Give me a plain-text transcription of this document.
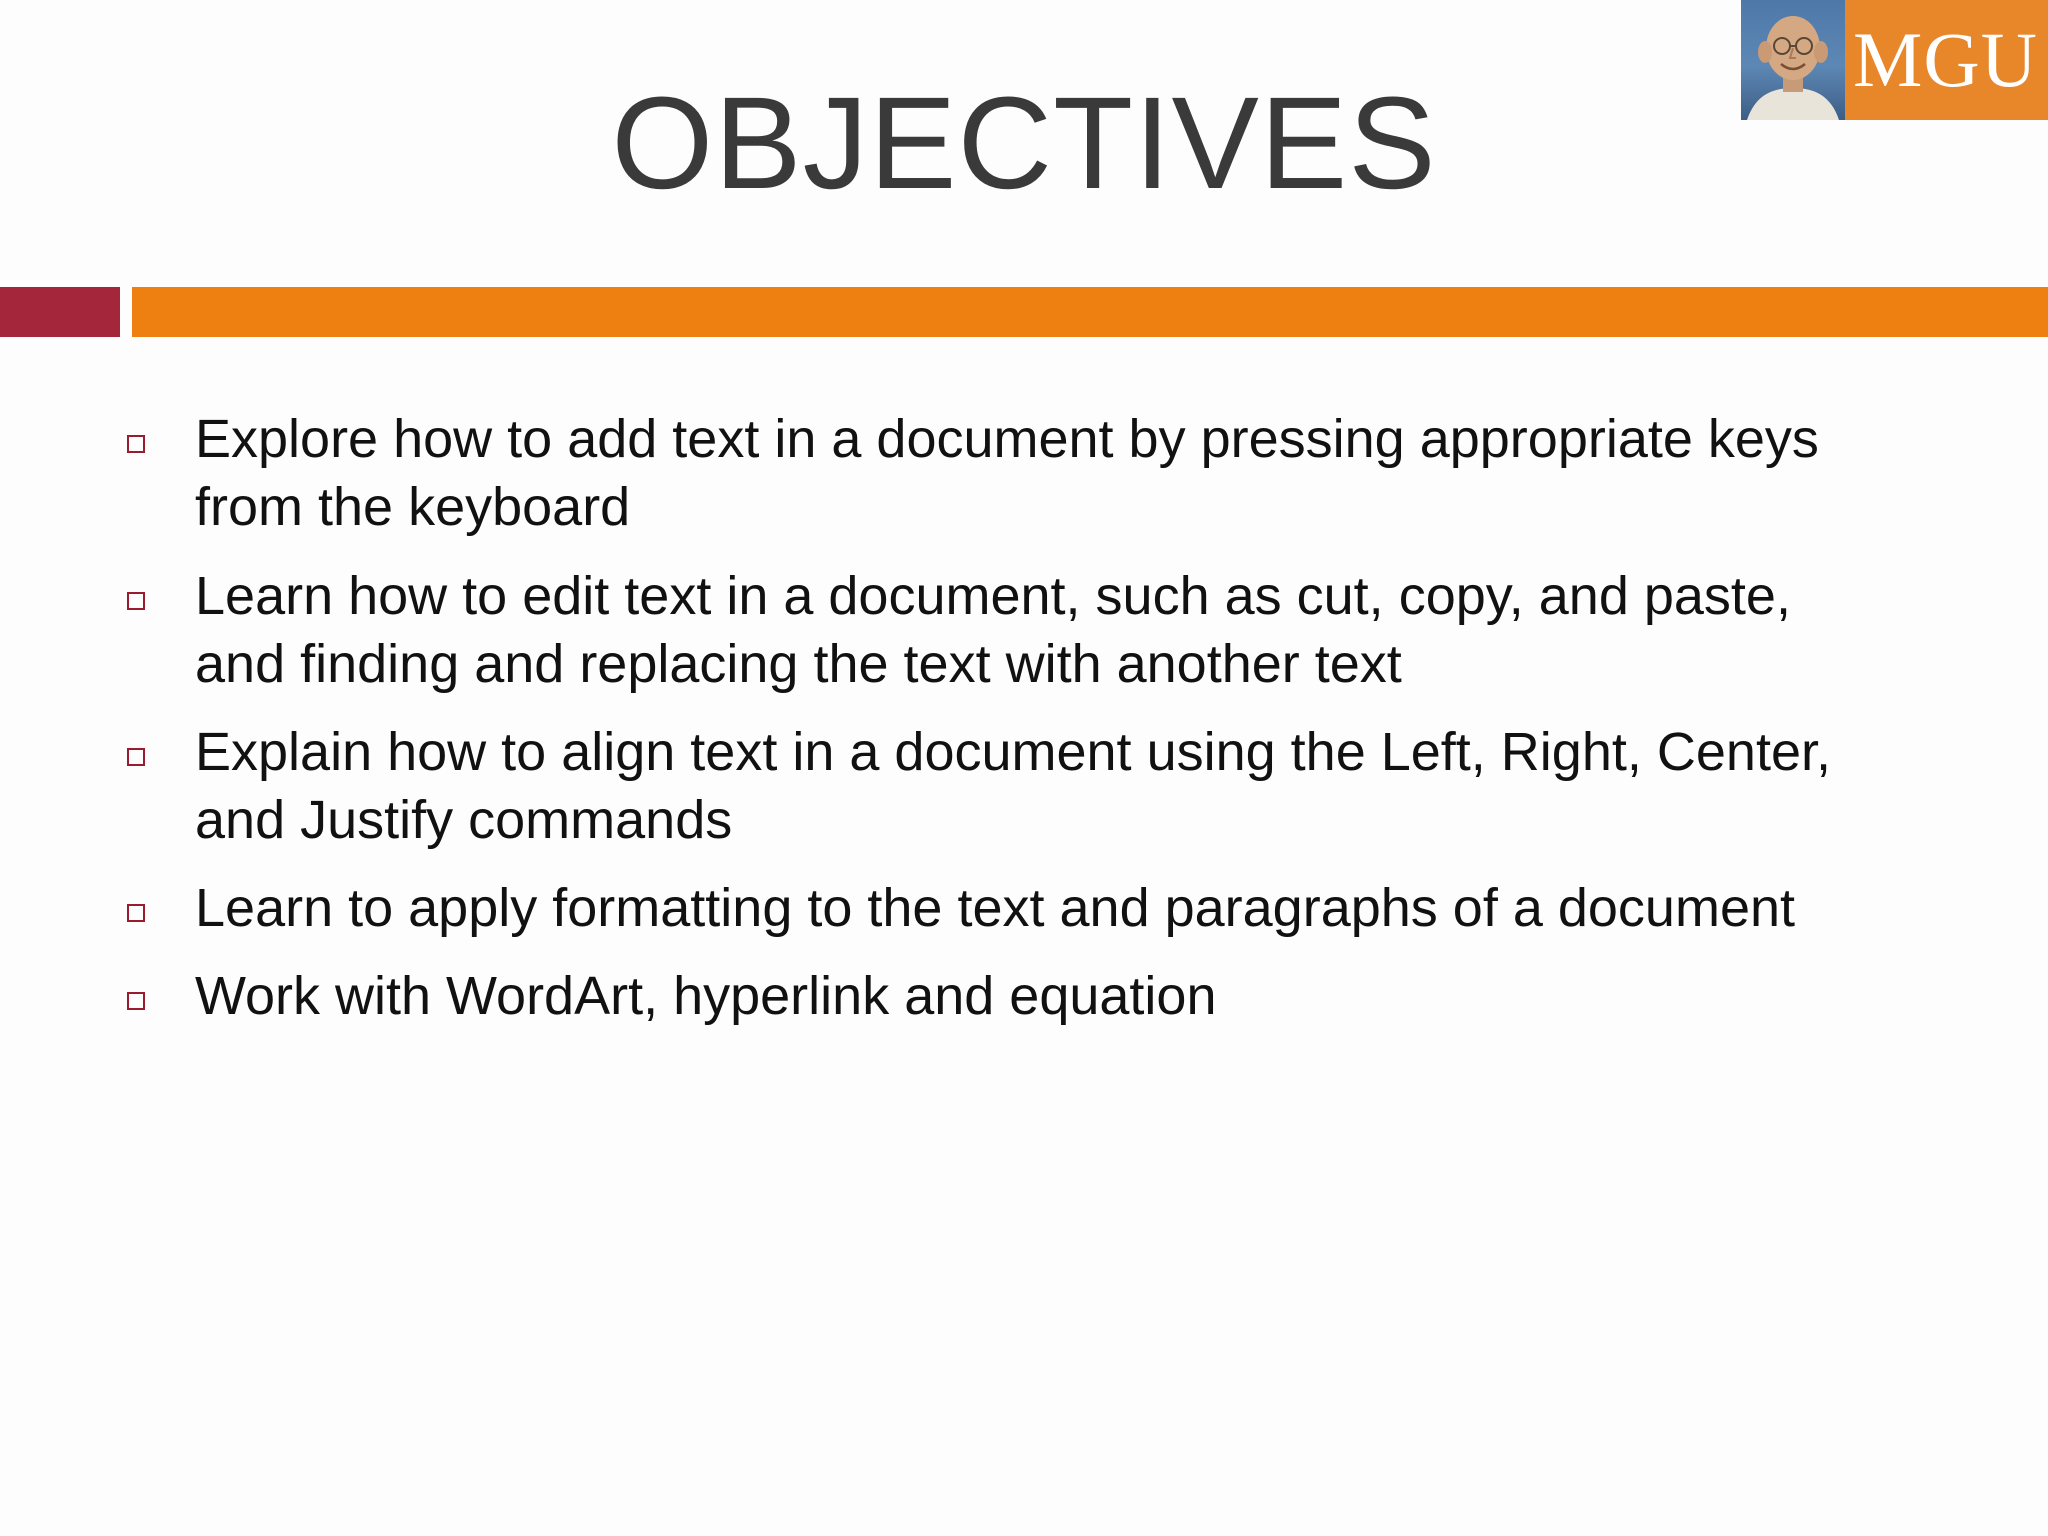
OBJECTIVES
MGU
Explore how to add text in a document by pressing appropriate keys
from the keyboard
Learn how to edit text in a document, such as cut, copy, and paste,
and finding and replacing the text with another text
Explain how to align text in a document using the Left, Right, Center,
and Justify commands
Learn to apply formatting to the text and paragraphs of a document
Work with WordArt, hyperlink and equation
